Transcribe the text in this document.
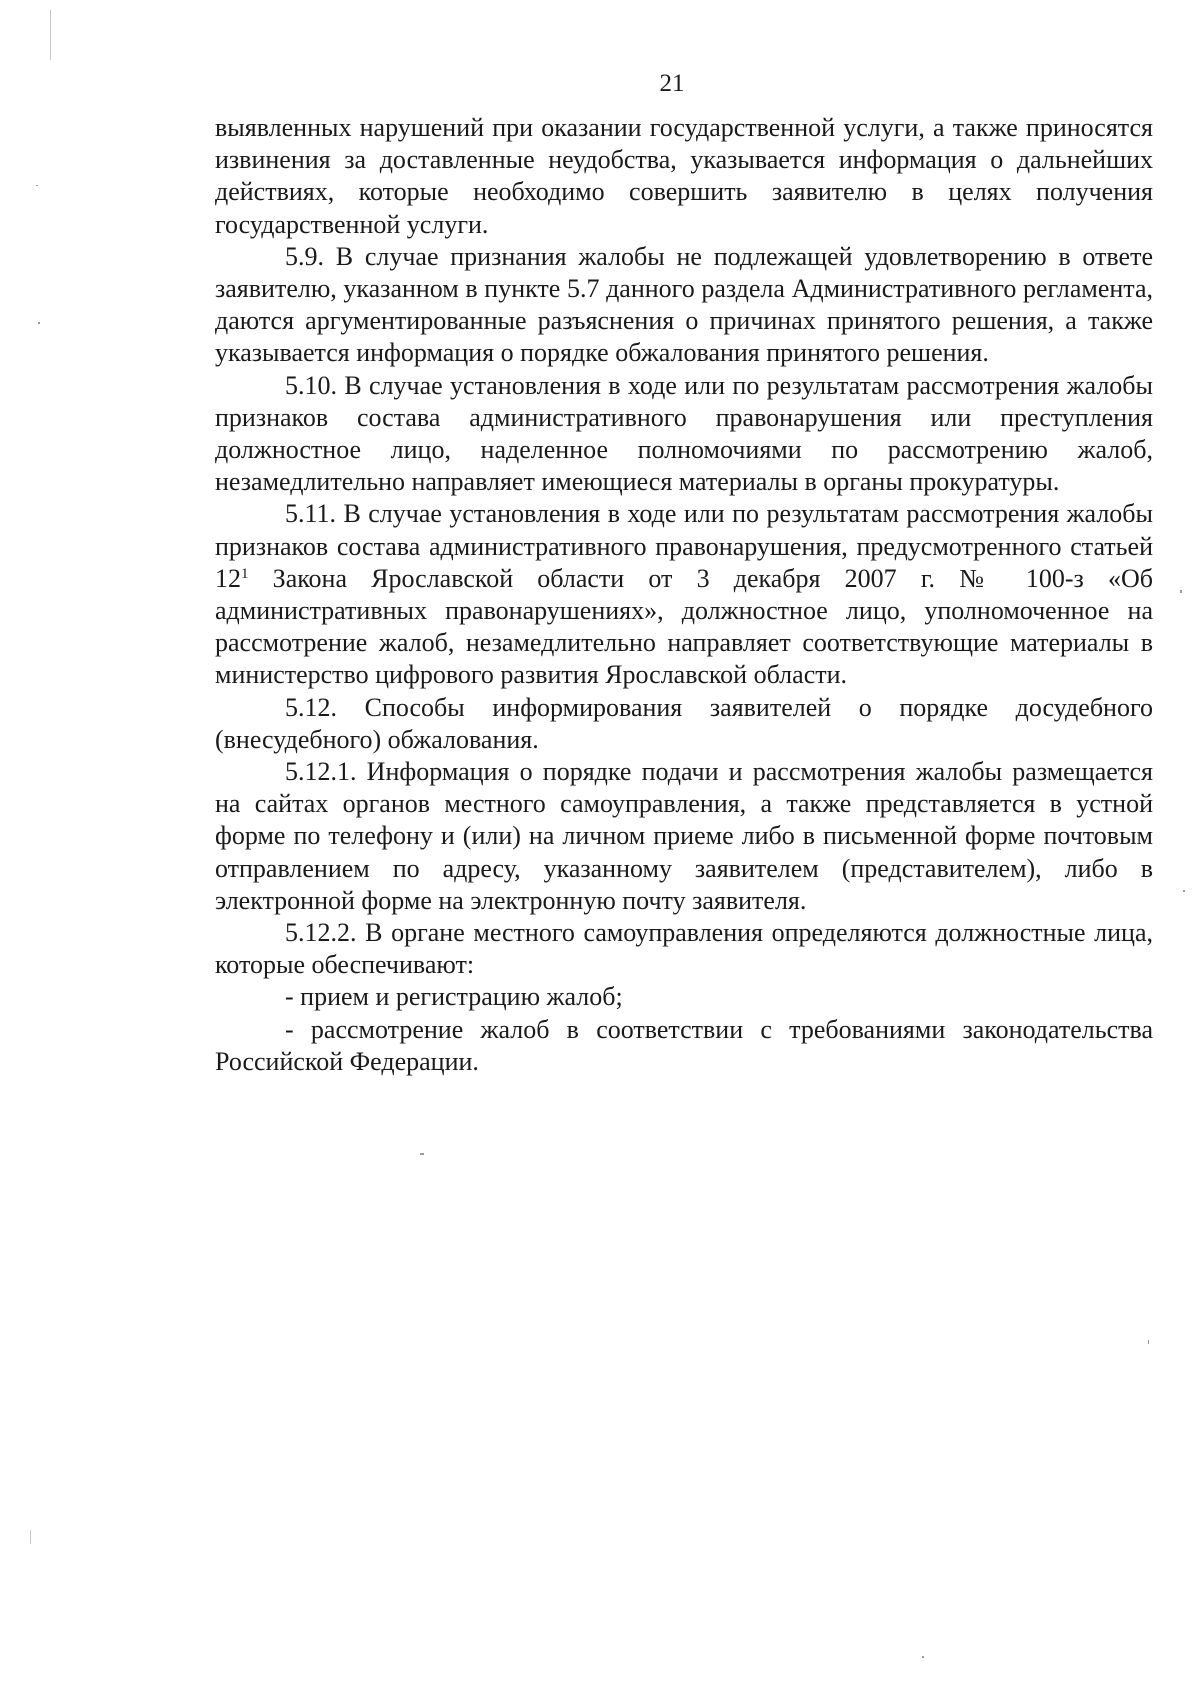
21

выявленных нарушений при оказании государственной услуги, а также приносятся извинения за доставленные неудобства, указывается информация о дальнейших действиях, которые необходимо совершить заявителю в целях получения государственной услуги.

5.9. В случае признания жалобы не подлежащей удовлетворению в ответе заявителю, указанном в пункте 5.7 данного раздела Административного регламента, даются аргументированные разъяснения о причинах принятого решения, а также указывается информация о порядке обжалования принятого решения.

5.10. В случае установления в ходе или по результатам рассмотрения жалобы признаков состава административного правонарушения или преступления должностное лицо, наделенное полномочиями по рассмотрению жалоб, незамедлительно направляет имеющиеся материалы в органы прокуратуры.

5.11. В случае установления в ходе или по результатам рассмотрения жалобы признаков состава административного правонарушения, предусмотренного статьей $12^1$ Закона Ярославской области от 3 декабря 2007 г. № 100-з «Об административных правонарушениях», должностное лицо, уполномоченное на рассмотрение жалоб, незамедлительно направляет соответствующие материалы в министерство цифрового развития Ярославской области.

5.12. Способы информирования заявителей о порядке досудебного (внесудебного) обжалования.

5.12.1. Информация о порядке подачи и рассмотрения жалобы размещается на сайтах органов местного самоуправления, а также представляется в устной форме по телефону и (или) на личном приеме либо в письменной форме почтовым отправлением по адресу, указанному заявителем (представителем), либо в электронной форме на электронную почту заявителя.

5.12.2. В органе местного самоуправления определяются должностные лица, которые обеспечивают:

- прием и регистрацию жалоб;

- рассмотрение жалоб в соответствии с требованиями законодательства Российской Федерации.
